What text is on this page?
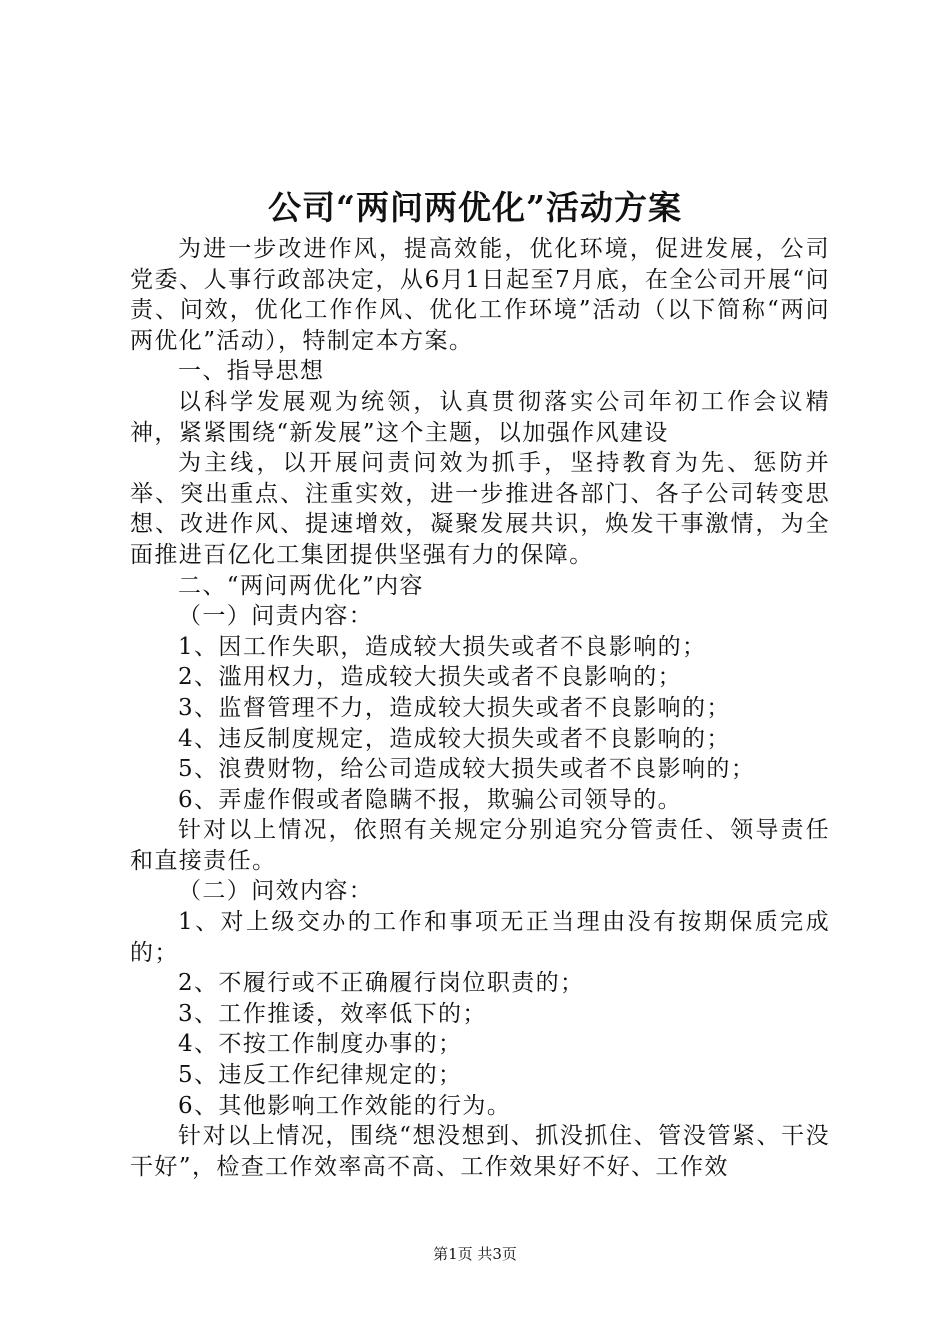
公司“两问两优化”活动方案

为进一步改进作风，提高效能，优化环境，促进发展，公司党委、人事行政部决定，从6月1日起至7月底，在全公司开展“问责、问效，优化工作作风、优化工作环境”活动（以下简称“两问两优化”活动），特制定本方案。

一、指导思想

以科学发展观为统领，认真贯彻落实公司年初工作会议精神，紧紧围绕“新发展”这个主题，以加强作风建设

为主线，以开展问责问效为抓手，坚持教育为先、惩防并举、突出重点、注重实效，进一步推进各部门、各子公司转变思想、改进作风、提速增效，凝聚发展共识，焕发干事激情，为全面推进百亿化工集团提供坚强有力的保障。

二、“两问两优化”内容

（一）问责内容：

1、因工作失职，造成较大损失或者不良影响的；

2、滥用权力，造成较大损失或者不良影响的；

3、监督管理不力，造成较大损失或者不良影响的；

4、违反制度规定，造成较大损失或者不良影响的；

5、浪费财物，给公司造成较大损失或者不良影响的；

6、弄虚作假或者隐瞒不报，欺骗公司领导的。

针对以上情况，依照有关规定分别追究分管责任、领导责任和直接责任。

（二）问效内容：

1、对上级交办的工作和事项无正当理由没有按期保质完成的；

2、不履行或不正确履行岗位职责的；

3、工作推诿，效率低下的；

4、不按工作制度办事的；

5、违反工作纪律规定的；

6、其他影响工作效能的行为。

针对以上情况，围绕“想没想到、抓没抓住、管没管紧、干没干好”，检查工作效率高不高、工作效果好不好、工作效

第1页 共3页
